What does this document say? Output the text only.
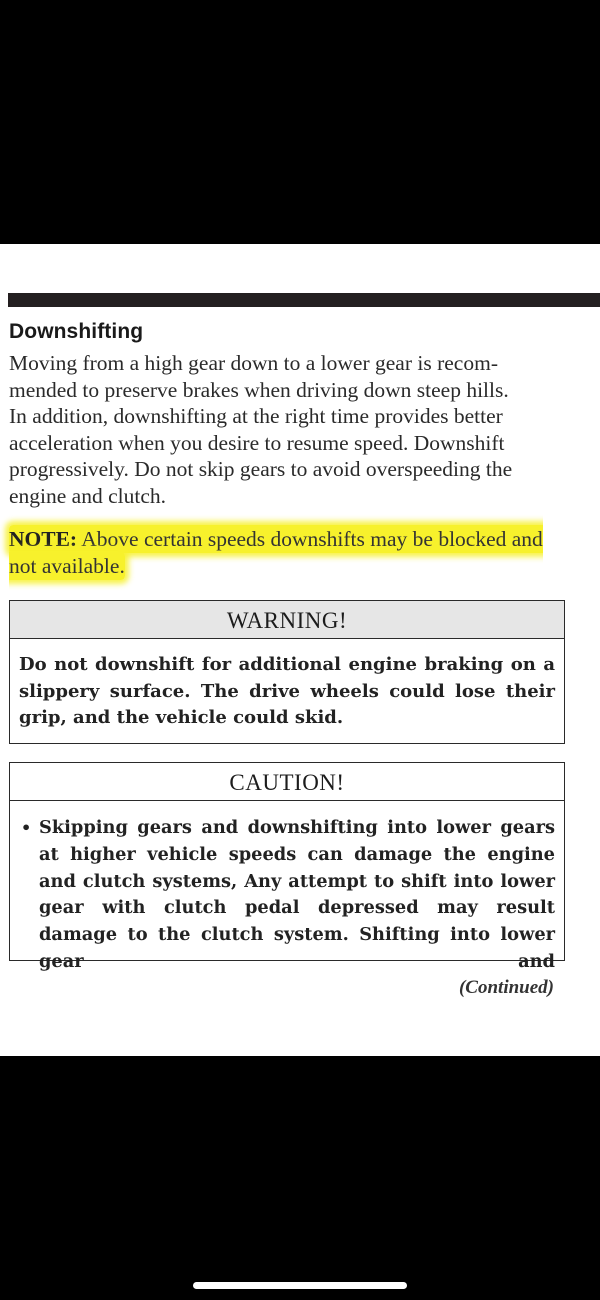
Downshifting

Moving from a high gear down to a lower gear is recom-
mended to preserve brakes when driving down steep hills.
In addition, downshifting at the right time provides better
acceleration when you desire to resume speed. Downshift
progressively. Do not skip gears to avoid overspeeding the
engine and clutch.

NOTE: Above certain speeds downshifts may be blocked and not available.

WARNING!

Do not downshift for additional engine braking on a slippery surface. The drive wheels could lose their grip, and the vehicle could skid.

CAUTION!

• Skipping gears and downshifting into lower gears at higher vehicle speeds can damage the engine and clutch systems, Any attempt to shift into lower gear with clutch pedal depressed may result damage to the clutch system. Shifting into lower gear and

(Continued)
